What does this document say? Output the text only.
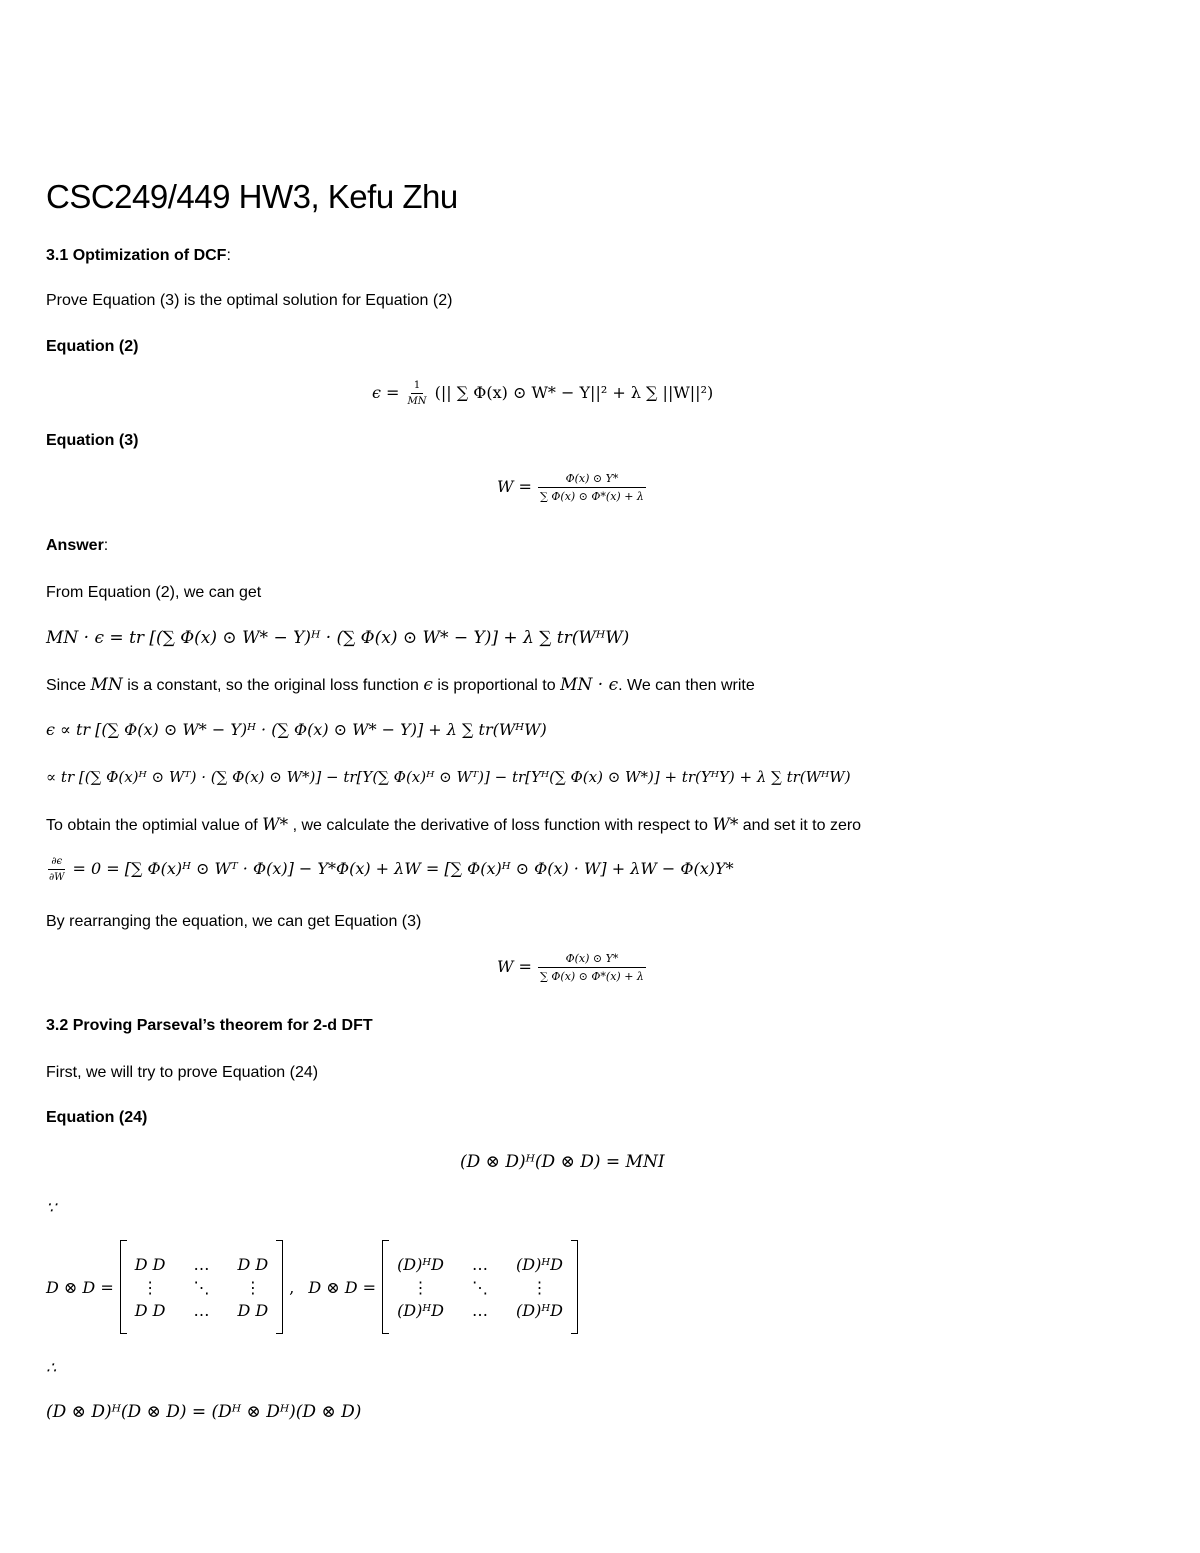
CSC249/449 HW3, Kefu Zhu
3.1 Optimization of DCF:
Prove Equation (3) is the optimal solution for Equation (2)
Equation (2)
$\epsilon = \frac{1}{MN}$ (|| ∑ Φ(x) ⊙ W* − Y||² + λ ∑ ||W||²)
Equation (3)
$W = \frac{\Phi(x) ⊙ Y*}{\sum \Phi(x) ⊙ \Phi*(x) + \lambda}$
Answer:
From Equation (2), we can get
MN · ϵ = tr [(∑ Φ(x) ⊙ W* − Y)ᴴ · (∑ Φ(x) ⊙ W* − Y)] + λ ∑ tr(WᴴW)
Since MN is a constant, so the original loss function ϵ is proportional to MN · ϵ. We can then write
ϵ ∝ tr [(∑ Φ(x) ⊙ W* − Y)ᴴ · (∑ Φ(x) ⊙ W* − Y)] + λ ∑ tr(WᴴW)
∝ tr [(∑ Φ(x)ᴴ ⊙ Wᵀ) · (∑ Φ(x) ⊙ W*)] − tr[Y(∑ Φ(x)ᴴ ⊙ Wᵀ)] − tr[Yᴴ(∑ Φ(x) ⊙ W*)] + tr(YᴴY) + λ ∑ tr(WᴴW)
To obtain the optimial value of W* , we calculate the derivative of loss function with respect to W* and set it to zero
$\frac{\partial\epsilon}{\partial W} = 0$ = [∑ Φ(x)ᴴ ⊙ Wᵀ · Φ(x)] − Y*Φ(x) + λW = [∑ Φ(x)ᴴ ⊙ Φ(x) · W] + λW − Φ(x)Y*
By rearranging the equation, we can get Equation (3)
$W = \frac{\Phi(x) ⊙ Y*}{\sum \Phi(x) ⊙ \Phi*(x) + \lambda}$
3.2 Proving Parseval’s theorem for 2-d DFT
First, we will try to prove Equation (24)
Equation (24)
(D ⊗ D)ᴴ(D ⊗ D) = MNI
∵
D ⊗ D =
D D … D D
⋮	⋱	⋮
D D … D D
, D ⊗ D =
(D)ᴴD … (D)ᴴD
⋮	⋱	⋮
(D)ᴴD … (D)ᴴD
∴
(D ⊗ D)ᴴ(D ⊗ D) = (Dᴴ ⊗ Dᴴ)(D ⊗ D)
